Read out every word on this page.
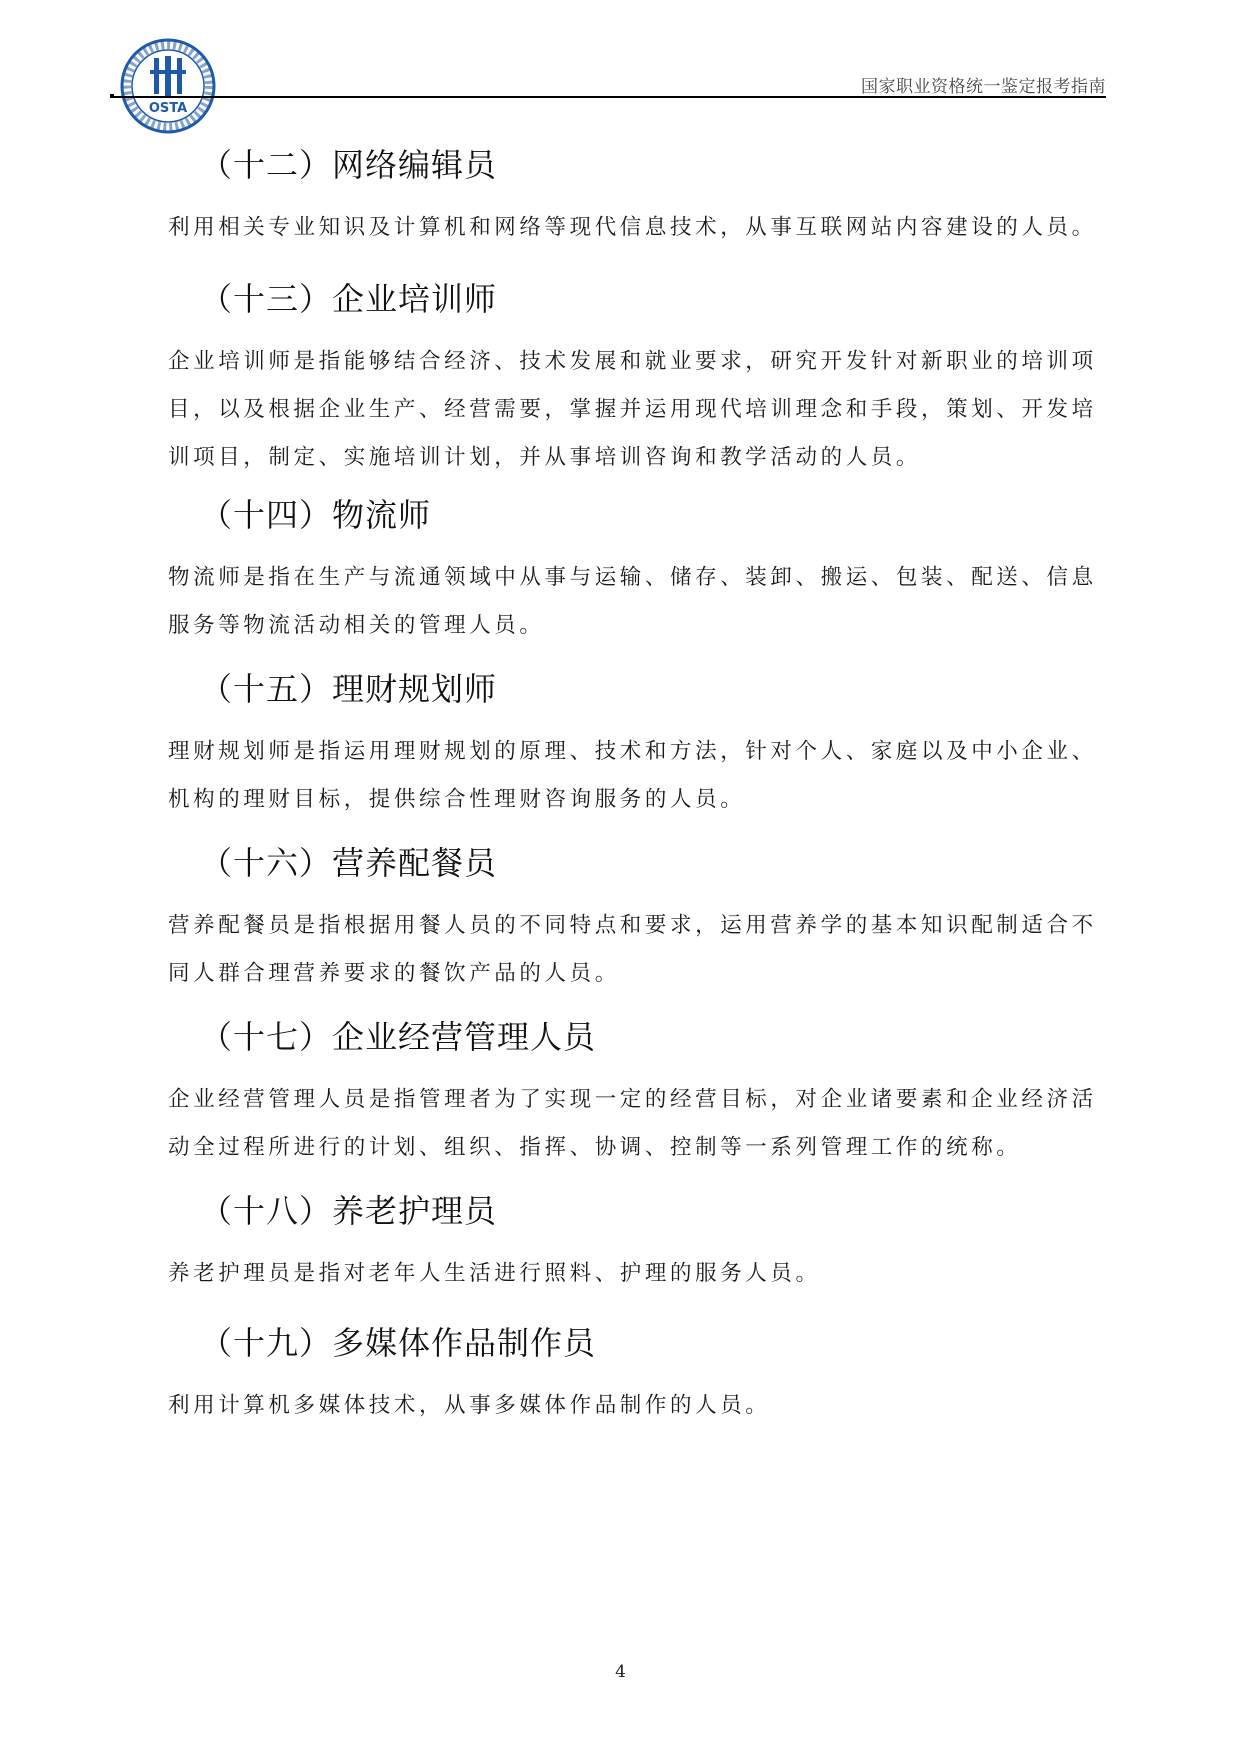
OSTA
国家职业资格统一鉴定报考指南
（十二）网络编辑员
利用相关专业知识及计算机和网络等现代信息技术，从事互联网站内容建设的人员。
（十三）企业培训师
企业培训师是指能够结合经济、技术发展和就业要求，研究开发针对新职业的培训项目，以及根据企业生产、经营需要，掌握并运用现代培训理念和手段，策划、开发培训项目，制定、实施培训计划，并从事培训咨询和教学活动的人员。
（十四）物流师
物流师是指在生产与流通领域中从事与运输、储存、装卸、搬运、包装、配送、信息服务等物流活动相关的管理人员。
（十五）理财规划师
理财规划师是指运用理财规划的原理、技术和方法，针对个人、家庭以及中小企业、机构的理财目标，提供综合性理财咨询服务的人员。
（十六）营养配餐员
营养配餐员是指根据用餐人员的不同特点和要求，运用营养学的基本知识配制适合不同人群合理营养要求的餐饮产品的人员。
（十七）企业经营管理人员
企业经营管理人员是指管理者为了实现一定的经营目标，对企业诸要素和企业经济活动全过程所进行的计划、组织、指挥、协调、控制等一系列管理工作的统称。
（十八）养老护理员
养老护理员是指对老年人生活进行照料、护理的服务人员。
（十九）多媒体作品制作员
利用计算机多媒体技术，从事多媒体作品制作的人员。
4
